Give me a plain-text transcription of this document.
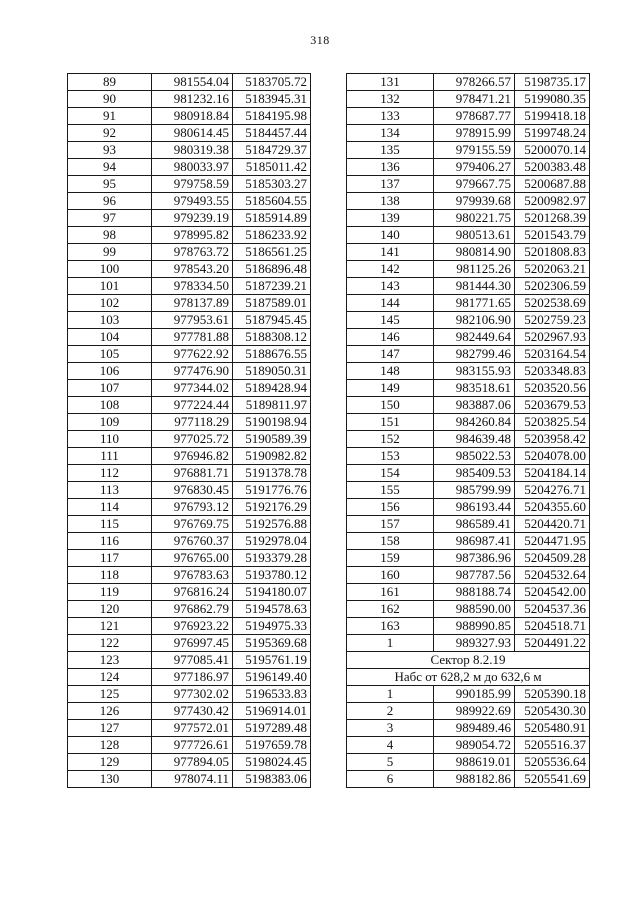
318
89	981554.04	5183705.72
90	981232.16	5183945.31
91	980918.84	5184195.98
92	980614.45	5184457.44
93	980319.38	5184729.37
94	980033.97	5185011.42
95	979758.59	5185303.27
96	979493.55	5185604.55
97	979239.19	5185914.89
98	978995.82	5186233.92
99	978763.72	5186561.25
100	978543.20	5186896.48
101	978334.50	5187239.21
102	978137.89	5187589.01
103	977953.61	5187945.45
104	977781.88	5188308.12
105	977622.92	5188676.55
106	977476.90	5189050.31
107	977344.02	5189428.94
108	977224.44	5189811.97
109	977118.29	5190198.94
110	977025.72	5190589.39
111	976946.82	5190982.82
112	976881.71	5191378.78
113	976830.45	5191776.76
114	976793.12	5192176.29
115	976769.75	5192576.88
116	976760.37	5192978.04
117	976765.00	5193379.28
118	976783.63	5193780.12
119	976816.24	5194180.07
120	976862.79	5194578.63
121	976923.22	5194975.33
122	976997.45	5195369.68
123	977085.41	5195761.19
124	977186.97	5196149.40
125	977302.02	5196533.83
126	977430.42	5196914.01
127	977572.01	5197289.48
128	977726.61	5197659.78
129	977894.05	5198024.45
130	978074.11	5198383.06
131	978266.57	5198735.17
132	978471.21	5199080.35
133	978687.77	5199418.18
134	978915.99	5199748.24
135	979155.59	5200070.14
136	979406.27	5200383.48
137	979667.75	5200687.88
138	979939.68	5200982.97
139	980221.75	5201268.39
140	980513.61	5201543.79
141	980814.90	5201808.83
142	981125.26	5202063.21
143	981444.30	5202306.59
144	981771.65	5202538.69
145	982106.90	5202759.23
146	982449.64	5202967.93
147	982799.46	5203164.54
148	983155.93	5203348.83
149	983518.61	5203520.56
150	983887.06	5203679.53
151	984260.84	5203825.54
152	984639.48	5203958.42
153	985022.53	5204078.00
154	985409.53	5204184.14
155	985799.99	5204276.71
156	986193.44	5204355.60
157	986589.41	5204420.71
158	986987.41	5204471.95
159	987386.96	5204509.28
160	987787.56	5204532.64
161	988188.74	5204542.00
162	988590.00	5204537.36
163	988990.85	5204518.71
1	989327.93	5204491.22
Сектор 8.2.19		
Набс от 628,2 м до 632,6 м		
1	990185.99	5205390.18
2	989922.69	5205430.30
3	989489.46	5205480.91
4	989054.72	5205516.37
5	988619.01	5205536.64
6	988182.86	5205541.69
